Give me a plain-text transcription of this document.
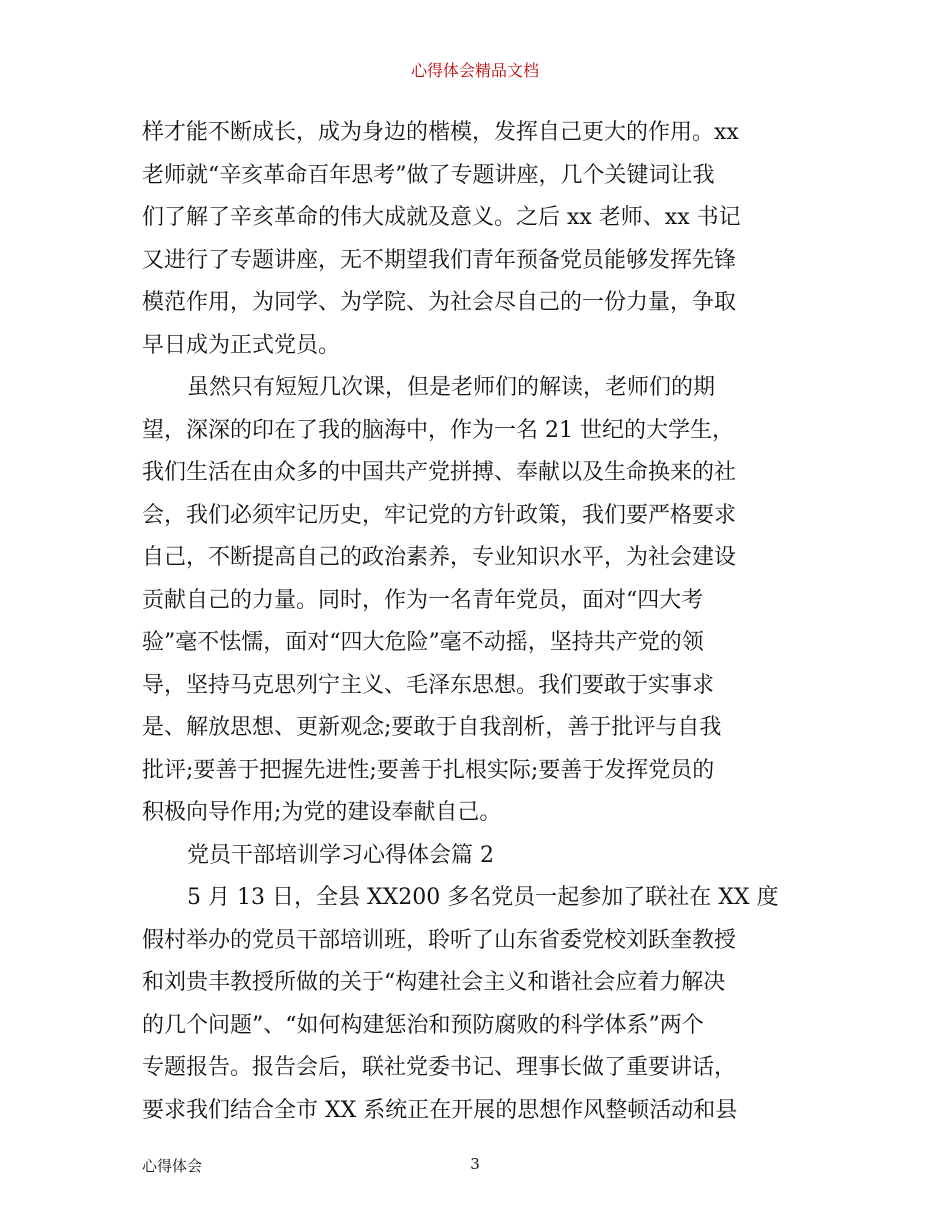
心得体会精品文档
样才能不断成长，成为身边的楷模，发挥自己更大的作用。xx
老师就“辛亥革命百年思考”做了专题讲座，几个关键词让我
们了解了辛亥革命的伟大成就及意义。之后 xx 老师、xx 书记
又进行了专题讲座，无不期望我们青年预备党员能够发挥先锋
模范作用，为同学、为学院、为社会尽自己的一份力量，争取
早日成为正式党员。
虽然只有短短几次课，但是老师们的解读，老师们的期
望，深深的印在了我的脑海中，作为一名 21 世纪的大学生，
我们生活在由众多的中国共产党拼搏、奉献以及生命换来的社
会，我们必须牢记历史，牢记党的方针政策，我们要严格要求
自己，不断提高自己的政治素养，专业知识水平，为社会建设
贡献自己的力量。同时，作为一名青年党员，面对“四大考
验”毫不怯懦，面对“四大危险”毫不动摇，坚持共产党的领
导，坚持马克思列宁主义、毛泽东思想。我们要敢于实事求
是、解放思想、更新观念;要敢于自我剖析，善于批评与自我
批评;要善于把握先进性;要善于扎根实际;要善于发挥党员的
积极向导作用;为党的建设奉献自己。
党员干部培训学习心得体会篇 2
5 月 13 日，全县 XX200 多名党员一起参加了联社在 XX 度
假村举办的党员干部培训班，聆听了山东省委党校刘跃奎教授
和刘贵丰教授所做的关于“构建社会主义和谐社会应着力解决
的几个问题”、“如何构建惩治和预防腐败的科学体系”两个
专题报告。报告会后，联社党委书记、理事长做了重要讲话，
要求我们结合全市 XX 系统正在开展的思想作风整顿活动和县
心得体会	3
